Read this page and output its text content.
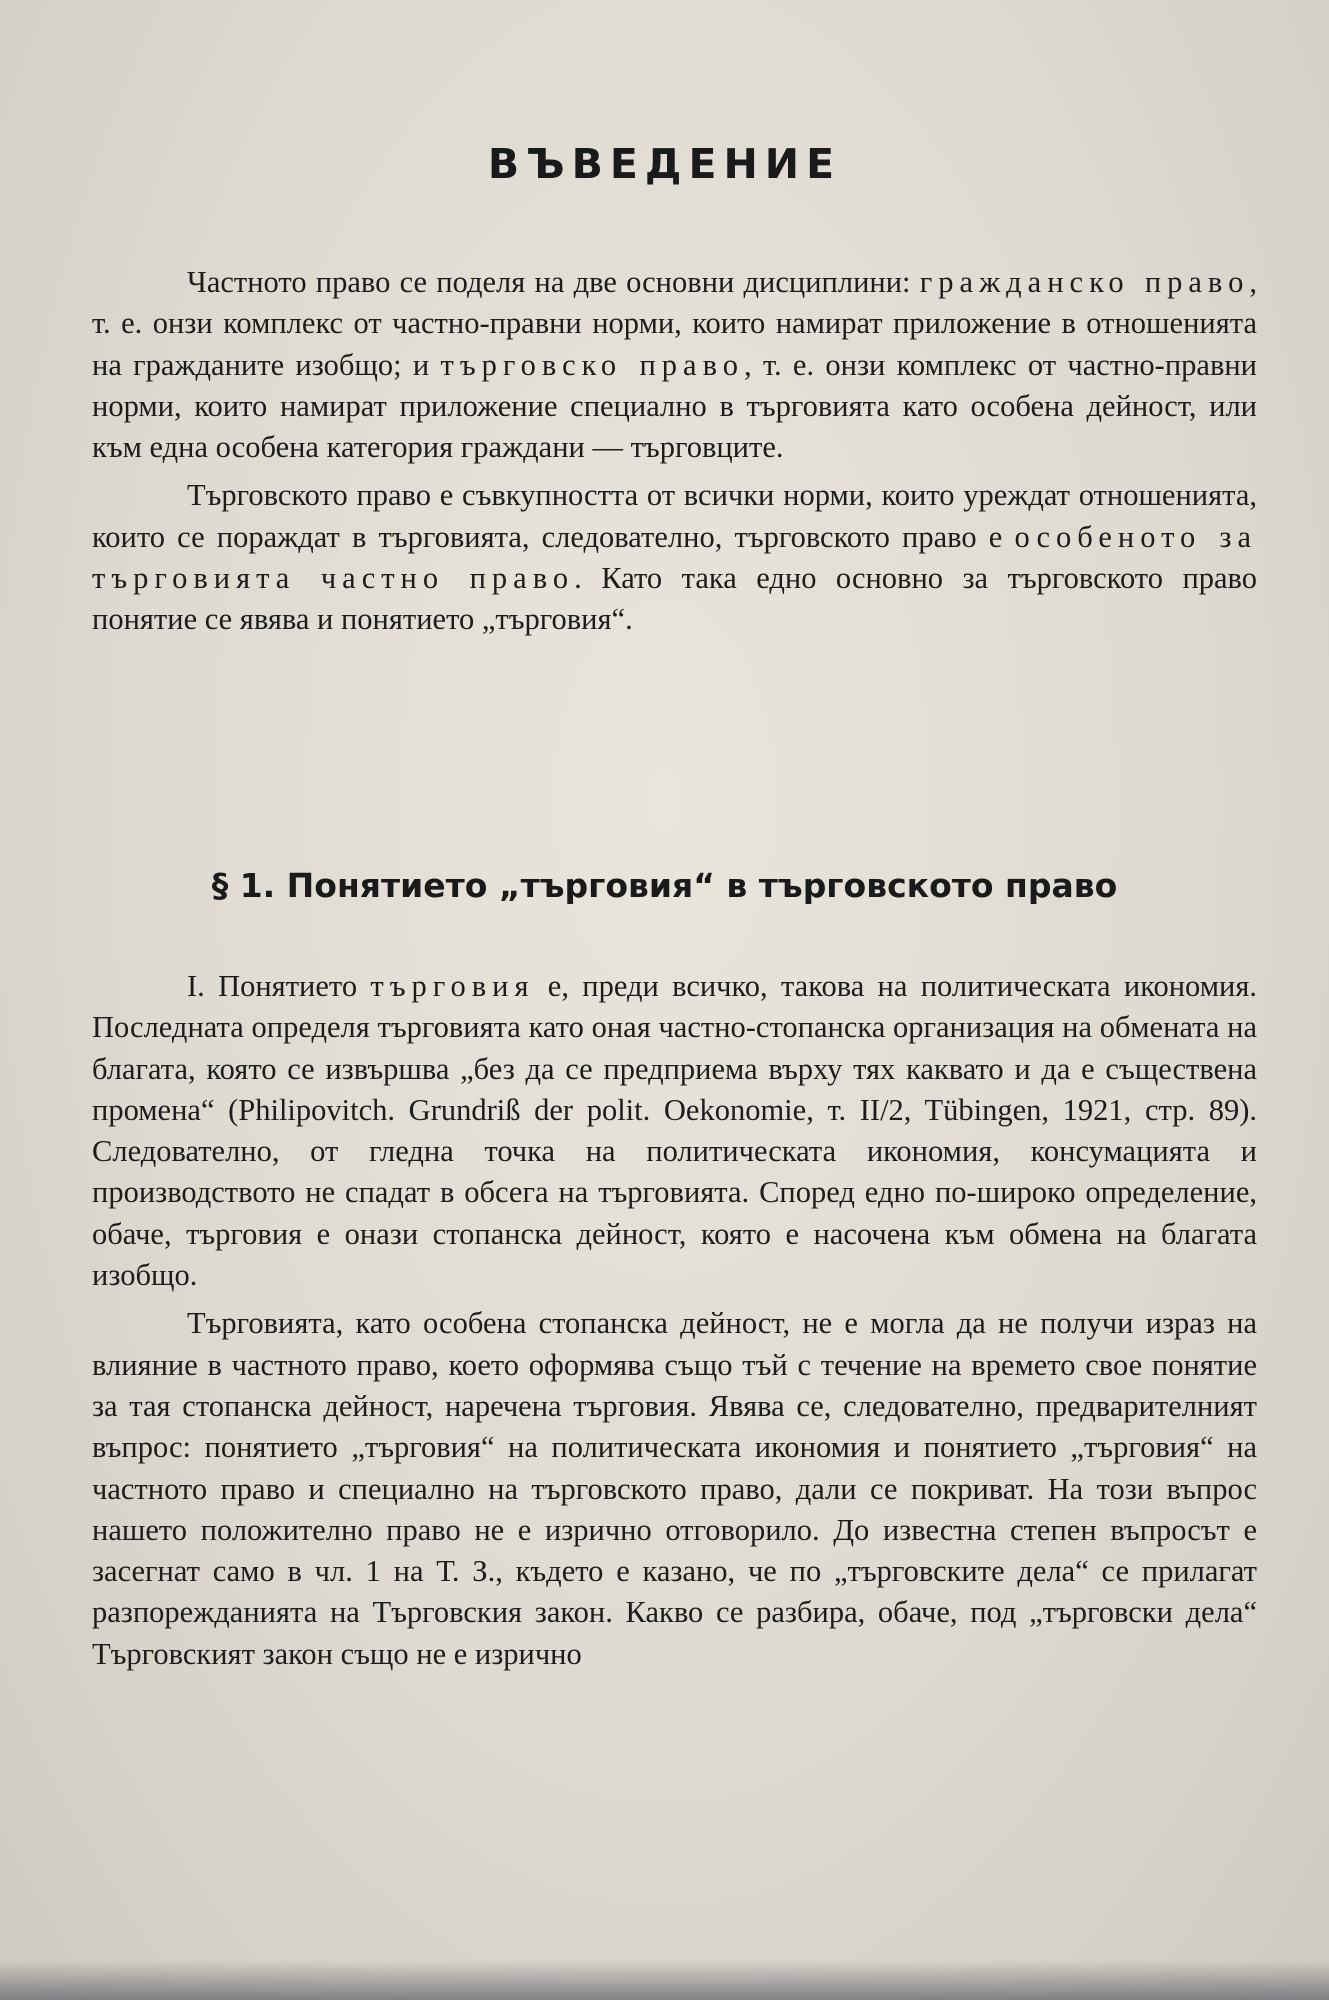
ВЪВЕДЕНИЕ

Частното право се поделя на две основни дисциплини: гражданско право, т. е. онзи комплекс от частно-правни норми, които намират приложение в отношенията на гражданите изобщо; и търговско право, т. е. онзи комплекс от частно-правни норми, които намират приложение специално в търговията като особена дейност, или към една особена категория граждани — търговците.

Търговското право е съвкупността от всички норми, които уреждат отношенията, които се пораждат в търговията, следователно, търговското право е особеното за търговията частно право. Като така едно основно за търговското право понятие се явява и понятието „търговия“.

§ 1. Понятието „търговия“ в търговското право

I. Понятието търговия е, преди всичко, такова на политическата икономия. Последната определя търговията като оная частно-стопанска организация на обмената на благата, която се извършва „без да се предприема върху тях каквато и да е съществена промена“ (Philipovitch. Grundriß der polit. Oekonomie, т. II/2, Tübingen, 1921, стр. 89). Следователно, от гледна точка на политическата икономия, консумацията и производството не спадат в обсега на търговията. Според едно по-широко определение, обаче, търговия е онази стопанска дейност, която е насочена към обмена на благата изобщо.

Търговията, като особена стопанска дейност, не е могла да не получи израз на влияние в частното право, което оформява също тъй с течение на времето свое понятие за тая стопанска дейност, наречена търговия. Явява се, следователно, предварителният въпрос: понятието „търговия“ на политическата икономия и понятието „търговия“ на частното право и специално на търговското право, дали се покриват. На този въпрос нашето положително право не е изрично отговорило. До известна степен въпросът е засегнат само в чл. 1 на Т. З., където е казано, че по „търговските дела“ се прилагат разпорежданията на Търговския закон. Какво се разбира, обаче, под „търговски дела“ Търговският закон също не е изрично
